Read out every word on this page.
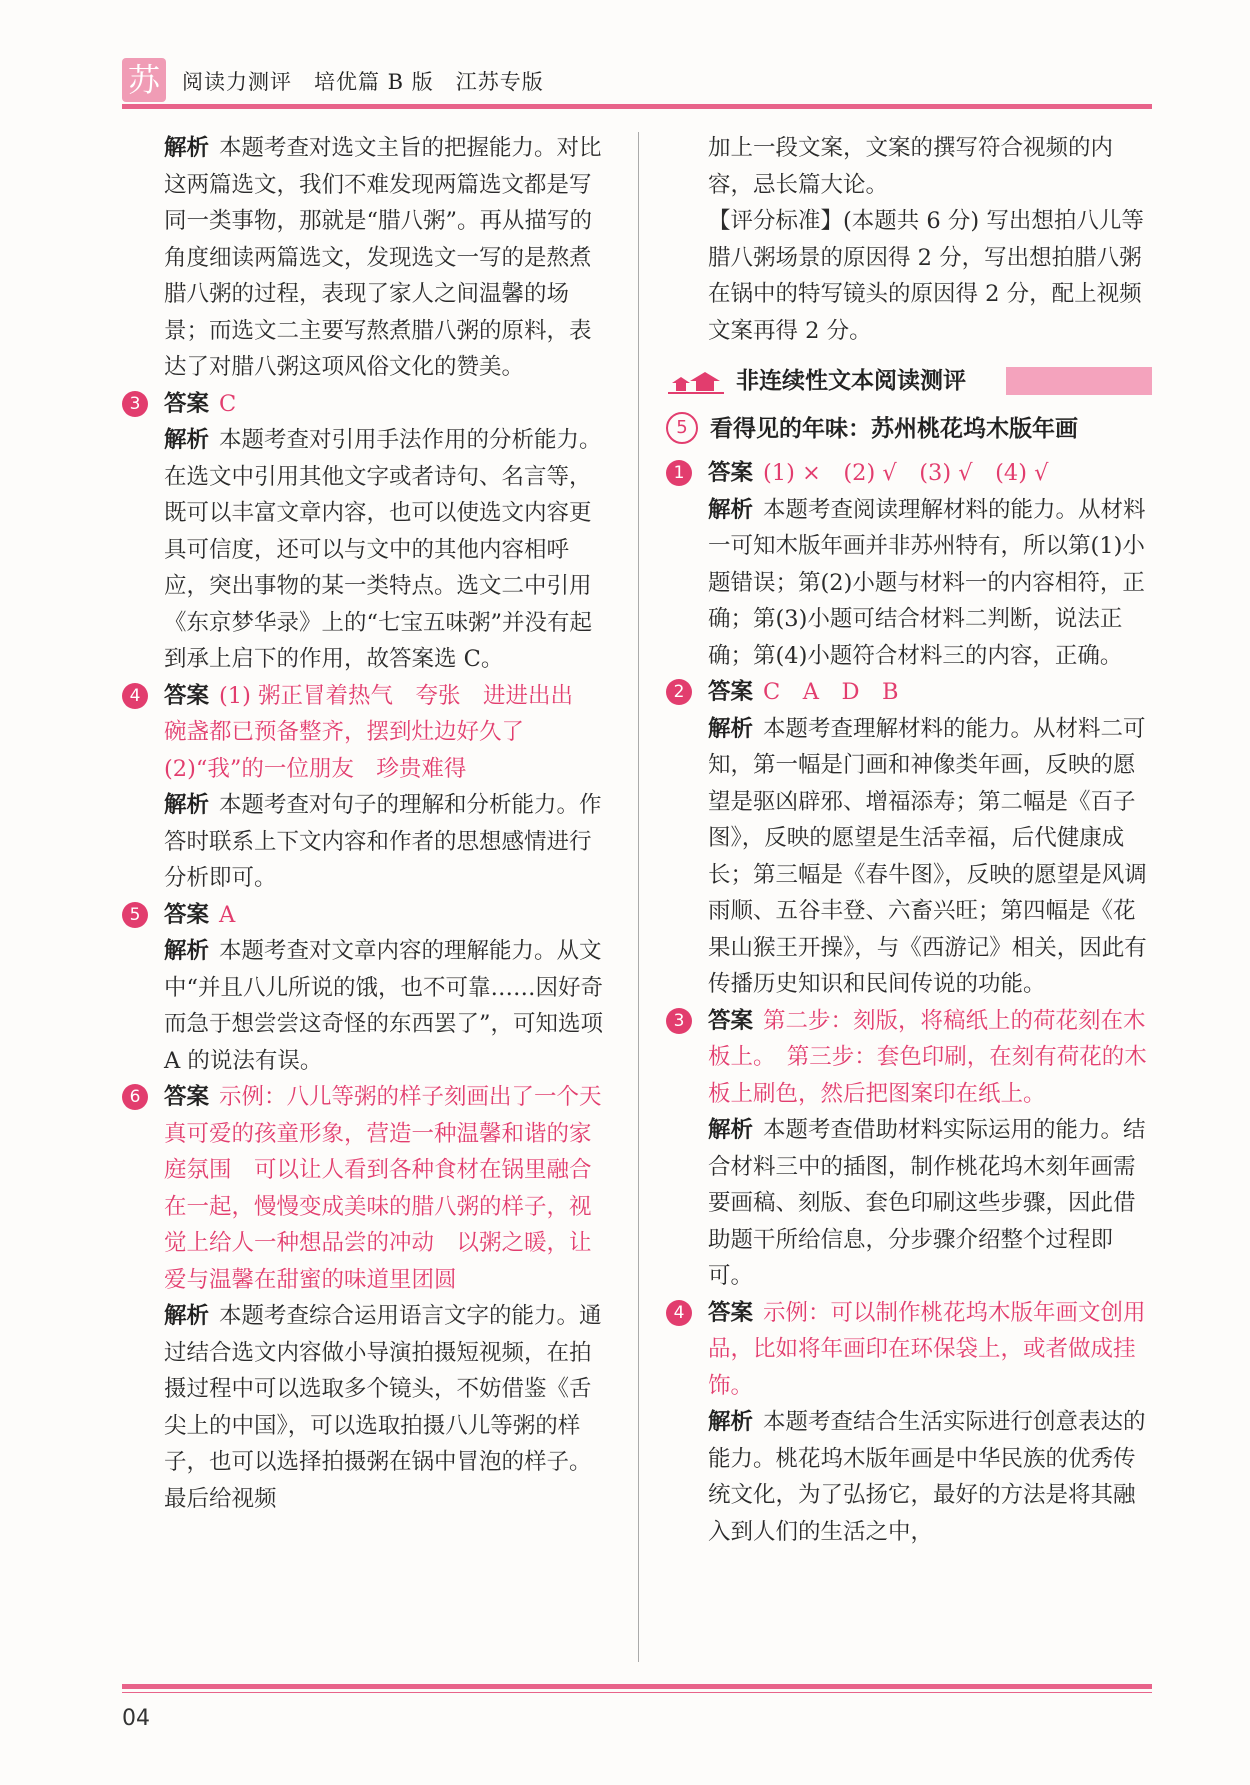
苏 阅读力测评　培优篇 B 版　江苏专版

解析 本题考查对选文主旨的把握能力。对比这两篇选文，我们不难发现两篇选文都是写同一类事物，那就是“腊八粥”。再从描写的角度细读两篇选文，发现选文一写的是熬煮腊八粥的过程，表现了家人之间温馨的场景；而选文二主要写熬煮腊八粥的原料，表达了对腊八粥这项风俗文化的赞美。

3	答案 C

解析 本题考查对引用手法作用的分析能力。在选文中引用其他文字或者诗句、名言等，既可以丰富文章内容，也可以使选文内容更具可信度，还可以与文中的其他内容相呼应，突出事物的某一类特点。选文二中引用《东京梦华录》上的“七宝五味粥”并没有起到承上启下的作用，故答案选 C。

4	答案 (1) 粥正冒着热气　夸张　进进出出　碗盏都已预备整齐，摆到灶边好久了

(2)“我”的一位朋友　珍贵难得

解析 本题考查对句子的理解和分析能力。作答时联系上下文内容和作者的思想感情进行分析即可。

5	答案 A

解析 本题考查对文章内容的理解能力。从文中“并且八儿所说的饿，也不可靠……因好奇而急于想尝尝这奇怪的东西罢了”，可知选项 A 的说法有误。

6	答案 示例：八儿等粥的样子刻画出了一个天真可爱的孩童形象，营造一种温馨和谐的家庭氛围　可以让人看到各种食材在锅里融合在一起，慢慢变成美味的腊八粥的样子，视觉上给人一种想品尝的冲动　以粥之暖，让爱与温馨在甜蜜的味道里团圆

解析 本题考查综合运用语言文字的能力。通过结合选文内容做小导演拍摄短视频，在拍摄过程中可以选取多个镜头，不妨借鉴《舌尖上的中国》，可以选取拍摄八儿等粥的样子，也可以选择拍摄粥在锅中冒泡的样子。最后给视频

加上一段文案，文案的撰写符合视频的内容，忌长篇大论。

【评分标准】(本题共 6 分) 写出想拍八儿等腊八粥场景的原因得 2 分，写出想拍腊八粥在锅中的特写镜头的原因得 2 分，配上视频文案再得 2 分。

非连续性文本阅读测评
5 看得见的年味：苏州桃花坞木版年画

1	答案 (1) ×　(2) √　(3) √　(4) √

解析 本题考查阅读理解材料的能力。从材料一可知木版年画并非苏州特有，所以第(1)小题错误；第(2)小题与材料一的内容相符，正确；第(3)小题可结合材料二判断，说法正确；第(4)小题符合材料三的内容，正确。

2	答案 C　A　D　B

解析 本题考查理解材料的能力。从材料二可知，第一幅是门画和神像类年画，反映的愿望是驱凶辟邪、增福添寿；第二幅是《百子图》，反映的愿望是生活幸福，后代健康成长；第三幅是《春牛图》，反映的愿望是风调雨顺、五谷丰登、六畜兴旺；第四幅是《花果山猴王开操》，与《西游记》相关，因此有传播历史知识和民间传说的功能。

3	答案 第二步：刻版，将稿纸上的荷花刻在木板上。　第三步：套色印刷，在刻有荷花的木板上刷色，然后把图案印在纸上。

解析 本题考查借助材料实际运用的能力。结合材料三中的插图，制作桃花坞木刻年画需要画稿、刻版、套色印刷这些步骤，因此借助题干所给信息，分步骤介绍整个过程即可。

4	答案 示例：可以制作桃花坞木版年画文创用品，比如将年画印在环保袋上，或者做成挂饰。

解析 本题考查结合生活实际进行创意表达的能力。桃花坞木版年画是中华民族的优秀传统文化，为了弘扬它，最好的方法是将其融入到人们的生活之中，

04
